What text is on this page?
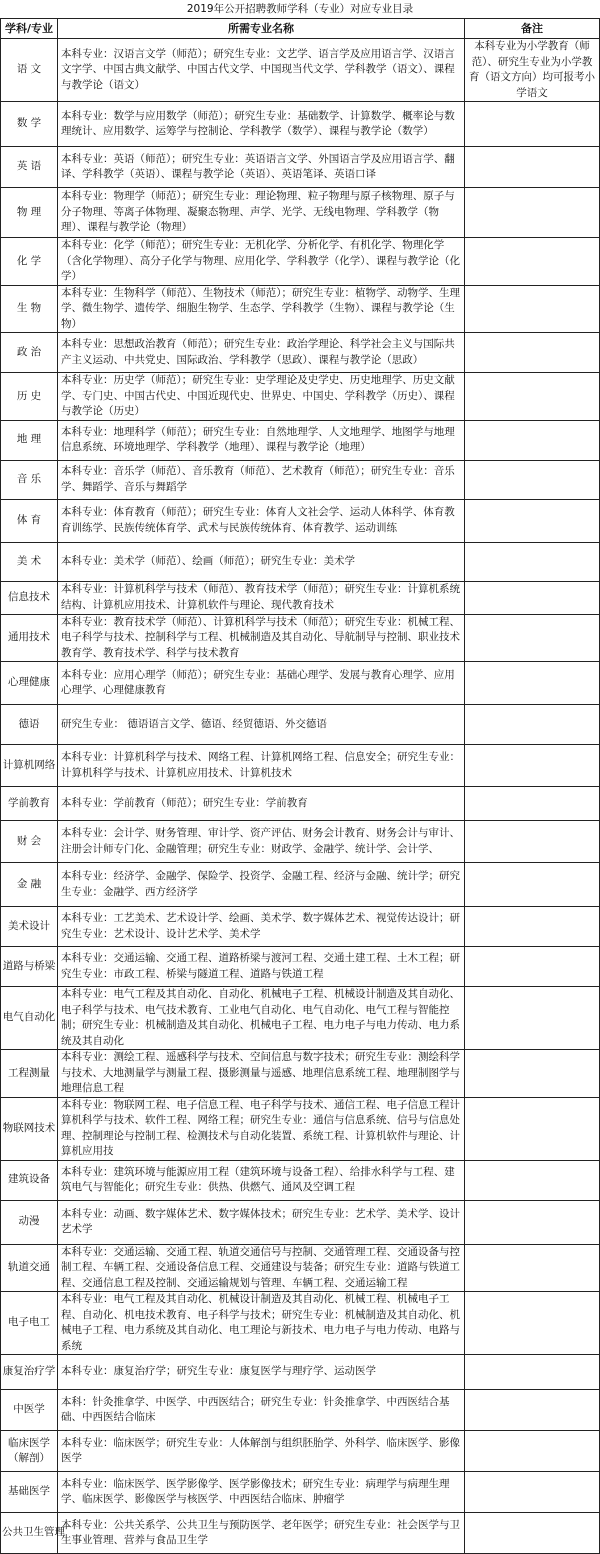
2019年公开招聘教师学科（专业）对应专业目录
学科/专业	所需专业名称	备注
语 文	本科专业：汉语言文学（师范）；研究生专业：文艺学、语言学及应用语言学、汉语言文字学、中国古典文献学、中国古代文学、中国现当代文学、学科教学（语文）、课程与教学论（语文）	本科专业为小学教育（师范）、研究生专业为小学教育（语文方向）均可报考小学语文
数 学	本科专业：数学与应用数学（师范）；研究生专业：基础数学、计算数学、概率论与数理统计、应用数学、运筹学与控制论、学科教学（数学）、课程与教学论（数学）	
英 语	本科专业：英语（师范）；研究生专业：英语语言文学、外国语言学及应用语言学、翻译、学科教学（英语）、课程与教学论（英语）、英语笔译、英语口译	
物 理	本科专业：物理学（师范）；研究生专业：理论物理、粒子物理与原子核物理、原子与分子物理、等离子体物理、凝聚态物理、声学、光学、无线电物理、学科教学（物理）、课程与教学论（物理）	
化 学	本科专业：化学（师范）；研究生专业：无机化学、分析化学、有机化学、物理化学（含化学物理）、高分子化学与物理、应用化学、学科教学（化学）、课程与教学论（化学）	
生 物	本科专业：生物科学（师范）、生物技术（师范）；研究生专业：植物学、动物学、生理学、微生物学、遗传学、细胞生物学、生态学、学科教学（生物）、课程与教学论（生物）	
政 治	本科专业：思想政治教育（师范）；研究生专业：政治学理论、科学社会主义与国际共产主义运动、中共党史、国际政治、学科教学（思政）、课程与教学论（思政）	
历 史	本科专业：历史学（师范）；研究生专业：史学理论及史学史、历史地理学、历史文献学、专门史、中国古代史、中国近现代史、世界史、中国史、学科教学（历史）、课程与教学论（历史）	
地 理	本科专业：地理科学（师范）；研究生专业：自然地理学、人文地理学、地图学与地理信息系统、环境地理学、学科教学（地理）、课程与教学论（地理）	
音 乐	本科专业：音乐学（师范）、音乐教育（师范）、艺术教育（师范）；研究生专业：音乐学、舞蹈学、音乐与舞蹈学	
体 育	本科专业：体育教育（师范）；研究生专业：体育人文社会学、运动人体科学、体育教育训练学、民族传统体育学、武术与民族传统体育、体育教学、运动训练	
美 术	本科专业：美术学（师范）、绘画（师范）；研究生专业：美术学	
信息技术	本科专业：计算机科学与技术（师范）、教育技术学（师范）；研究生专业：计算机系统结构、计算机应用技术、计算机软件与理论、现代教育技术	
通用技术	本科专业：教育技术学（师范）、计算机科学与技术（师范）；研究生专业：机械工程、电子科学与技术、控制科学与工程、机械制造及其自动化、导航制导与控制、职业技术教育学、教育技术学、科学与技术教育	
心理健康	本科专业：应用心理学（师范）；研究生专业：基础心理学、发展与教育心理学、应用心理学、心理健康教育	
德语	研究生专业： 德语语言文学、德语、经贸德语、外交德语	
计算机网络	本科专业：计算机科学与技术、网络工程、计算机网络工程、信息安全；研究生专业：计算机科学与技术、计算机应用技术、计算机技术	
学前教育	本科专业：学前教育（师范）；研究生专业：学前教育	
财 会	本科专业：会计学、财务管理、审计学、资产评估、财务会计教育、财务会计与审计、注册会计师专门化、金融管理；研究生专业：财政学、金融学、统计学、会计学、	
金 融	本科专业：经济学、金融学、保险学、投资学、金融工程、经济与金融、统计学；研究生专业：金融学、西方经济学	
美术设计	本科专业：工艺美术、艺术设计学、绘画、美术学、数字媒体艺术、视觉传达设计；研究生专业：艺术设计、设计艺术学、美术学	
道路与桥梁	本科专业：交通运输、交通工程、道路桥梁与渡河工程、交通土建工程、土木工程；研究生专业：市政工程、桥梁与隧道工程、道路与铁道工程	
电气自动化	本科专业：电气工程及其自动化、自动化、机械电子工程、机械设计制造及其自动化、电子科学与技术、电气技术教育、工业电气自动化、电气自动化、电气工程与智能控制；研究生专业：机械制造及其自动化、机械电子工程、电力电子与电力传动、电力系统及其自动化	
工程测量	本科专业：测绘工程、遥感科学与技术、空间信息与数字技术；研究生专业：测绘科学与技术、大地测量学与测量工程、摄影测量与遥感、地理信息系统工程、地理制图学与地理信息工程	
物联网技术	本科专业：物联网工程、电子信息工程、电子科学与技术、通信工程、电子信息工程计算机科学与技术、软件工程、网络工程；研究生专业：通信与信息系统、信号与信息处理、控制理论与控制工程、检测技术与自动化装置、系统工程、计算机软件与理论、计算机应用技	
建筑设备	本科专业：建筑环境与能源应用工程（建筑环境与设备工程）、给排水科学与工程、建筑电气与智能化；研究生专业：供热、供燃气、通风及空调工程	
动漫	本科专业：动画、数字媒体艺术、数字媒体技术；研究生专业：艺术学、美术学、设计艺术学	
轨道交通	本科专业：交通运输、交通工程、轨道交通信号与控制、交通管理工程、交通设备与控制工程、车辆工程、交通设备信息工程、交通建设与装备；研究生专业：道路与铁道工程、交通信息工程及控制、交通运输规划与管理、车辆工程、交通运输工程	
电子电工	本科专业：电气工程及其自动化、机械设计制造及其自动化、机械工程、机械电子工程、自动化、机电技术教育、电子科学与技术；研究生专业：机械制造及其自动化、机械电子工程、电力系统及其自动化、电工理论与新技术、电力电子与电力传动、电路与系统	
康复治疗学	本科专业：康复治疗学；研究生专业：康复医学与理疗学、运动医学	
中医学	本科：针灸推拿学、中医学、中西医结合；研究生专业：针灸推拿学、中西医结合基础、中西医结合临床	
临床医学（解剖）	本科专业：临床医学；研究生专业：人体解剖与组织胚胎学、外科学、临床医学、影像医学	
基础医学	本科专业：临床医学、医学影像学、医学影像技术；研究生专业：病理学与病理生理学、临床医学、影像医学与核医学、中西医结合临床、肿瘤学	
公共卫生管理	本科专业：公共关系学、公共卫生与预防医学、老年医学；研究生专业：社会医学与卫生事业管理、营养与食品卫生学	
